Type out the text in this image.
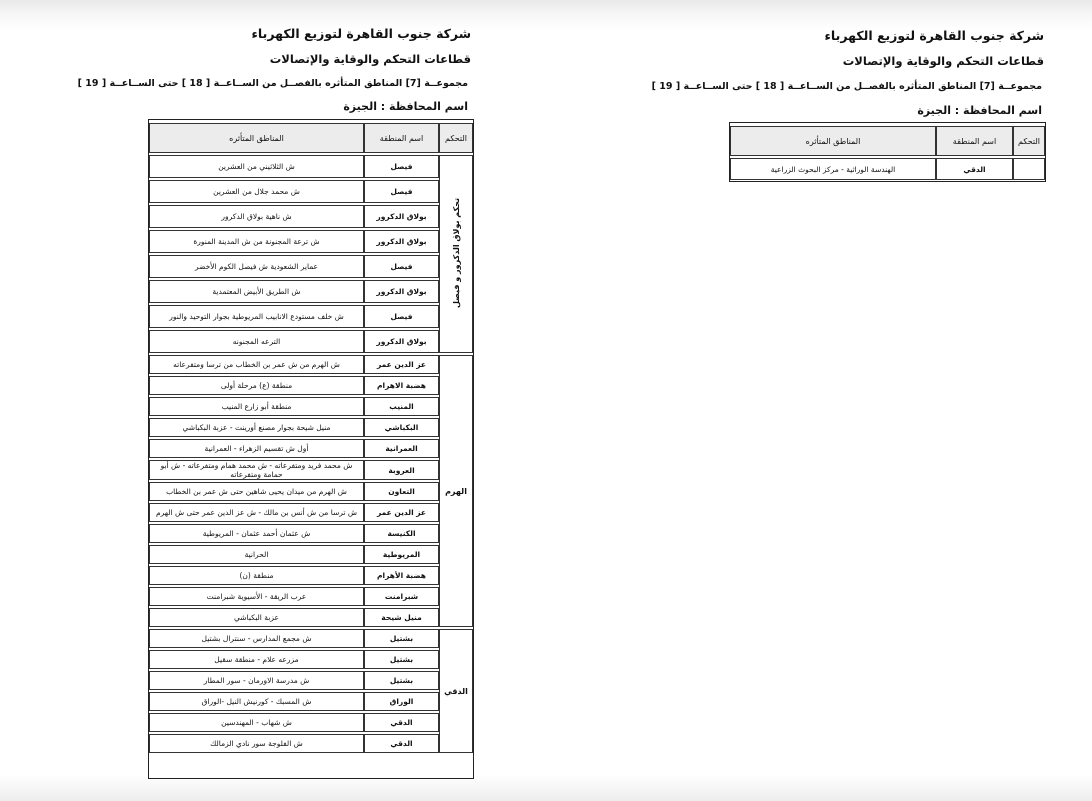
شركة جنوب القاهرة لتوزيع الكهرباء
قطاعات التحكم والوقاية والإتصالات
مجموعــة [7] المناطق المتأثره بالفصــل من الســاعــة [ 18 ] حتى الســاعــة [ 19 ]
اسم المحافظة : الجيزة
التحكم	اسم المنطقة	المناطق المتأثره
تحكم بولاق الدكرور و فيصل	فيصل	ش الثلاثيني من العشرين
	فيصل	ش محمد جلال من العشرين
	بولاق الدكرور	ش ناهية بولاق الدكرور
	بولاق الدكرور	ش ترعة المجنونة من ش المدينة المنورة
	فيصل	عماير الشعودية ش فيصل الكوم الأخضر
	بولاق الدكرور	ش الطريق الأبيض المعتمدية
	فيصل	ش خلف مستودع الانابيب المريوطية بجوار التوحيد والنور
	بولاق الدكرور	الترعه المجنونه
الهرم	عز الدين عمر	ش الهرم من ش عمر بن الخطاب من ترسا ومتفرعاته
	هضبة الاهرام	منطقة (ع) مرحلة أولى
	المنيب	منطقة أبو زارع المنيب
	البكباشي	منيل شيحة بجوار مصنع أورينت - عزبة البكباشي
	العمرانية	أول ش تقسيم الزهراء - العمرانية
	العروبة	ش محمد فريد ومتفرعاته - ش محمد همام ومتفرعاته - ش أبو حمامة ومتفرعاته
	التعاون	ش الهرم من ميدان يحيى شاهين حتى ش عمر بن الخطاب
	عز الدين عمر	ش ترسا من ش أنس بن مالك - ش عز الدين عمر حتى ش الهرم
	الكنيسة	ش عثمان أحمد عثمان - المريوطية
	المريوطية	الحرانية
	هضبة الأهرام	منطقة (ن)
	شبرامنت	عرب الريقة - الأسيوية شبرامنت
	منيل شيحة	عزبة البكباشي
الدقي	بشتيل	ش مجمع المدارس - سنترال بشتيل
	بشتيل	مزرعه علام - منطقة سقيل
	بشتيل	ش مدرسة الاورمان - سور المطار
	الوراق	ش المسبك - كورنيش النيل -الوراق
	الدقي	ش شهاب - المهندسين
	الدقي	ش الفلوجة سور نادي الزمالك
شركة جنوب القاهرة لتوزيع الكهرباء
قطاعات التحكم والوقاية والإتصالات
مجموعــة [7] المناطق المتأثره بالفصــل من الســاعــة [ 18 ] حتى الســاعــة [ 19 ]
اسم المحافظة : الجيزة
التحكم	اسم المنطقة	المناطق المتأثره
	الدقي	الهندسة الوراثية - مركز البحوث الزراعية
